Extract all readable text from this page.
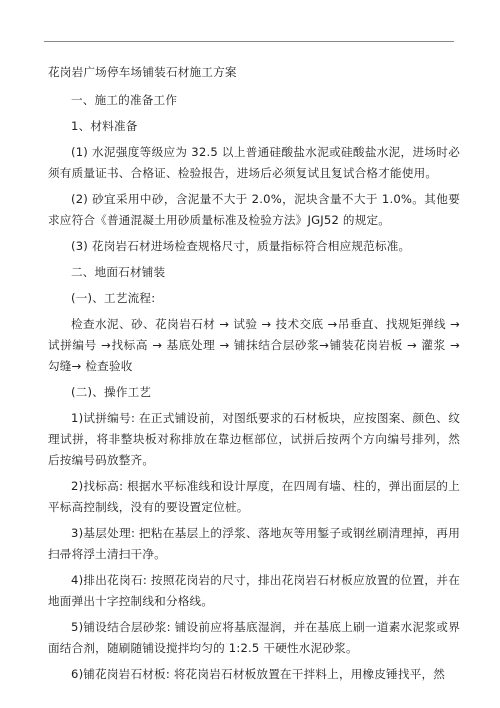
花岗岩广场停车场铺装石材施工方案
一、施工的准备工作
1、材料准备
(1) 水泥强度等级应为 32.5 以上普通硅酸盐水泥或硅酸盐水泥，进场时必须有质量证书、合格证、检验报告，进场后必须复试且复试合格才能使用。
(2) 砂宜采用中砂，含泥量不大于 2.0%，泥块含量不大于 1.0%。其他要求应符合《普通混凝土用砂质量标准及检验方法》JGJ52 的规定。
(3) 花岗岩石材进场检查规格尺寸，质量指标符合相应规范标准。
二、地面石材铺装
(一)、工艺流程:
检查水泥、砂、花岗岩石材 → 试验 → 技术交底 →吊垂直、找规矩弹线 →试拼编号 →找标高 → 基底处理 → 铺抹结合层砂浆→铺装花岗岩板 → 灌浆 → 勾缝→ 检查验收
(二)、操作工艺
1)试拼编号: 在正式铺设前，对图纸要求的石材板块，应按图案、颜色、纹理试拼，将非整块板对称排放在靠边框部位，试拼后按两个方向编号排列，然后按编号码放整齐。
2)找标高: 根据水平标准线和设计厚度，在四周有墙、柱的，弹出面层的上平标高控制线，没有的要设置定位桩。
3)基层处理: 把粘在基层上的浮浆、落地灰等用錾子或钢丝刷清理掉，再用扫帚将浮土清扫干净。
4)排出花岗石: 按照花岗岩的尺寸，排出花岗岩石材板应放置的位置，并在地面弹出十字控制线和分格线。
5)铺设结合层砂浆: 铺设前应将基底湿润，并在基底上刷一道素水泥浆或界面结合剂，随刷随铺设搅拌均匀的 1:2.5 干硬性水泥砂浆。
6)铺花岗岩石材板: 将花岗岩石材板放置在干拌料上，用橡皮锤找平，然
